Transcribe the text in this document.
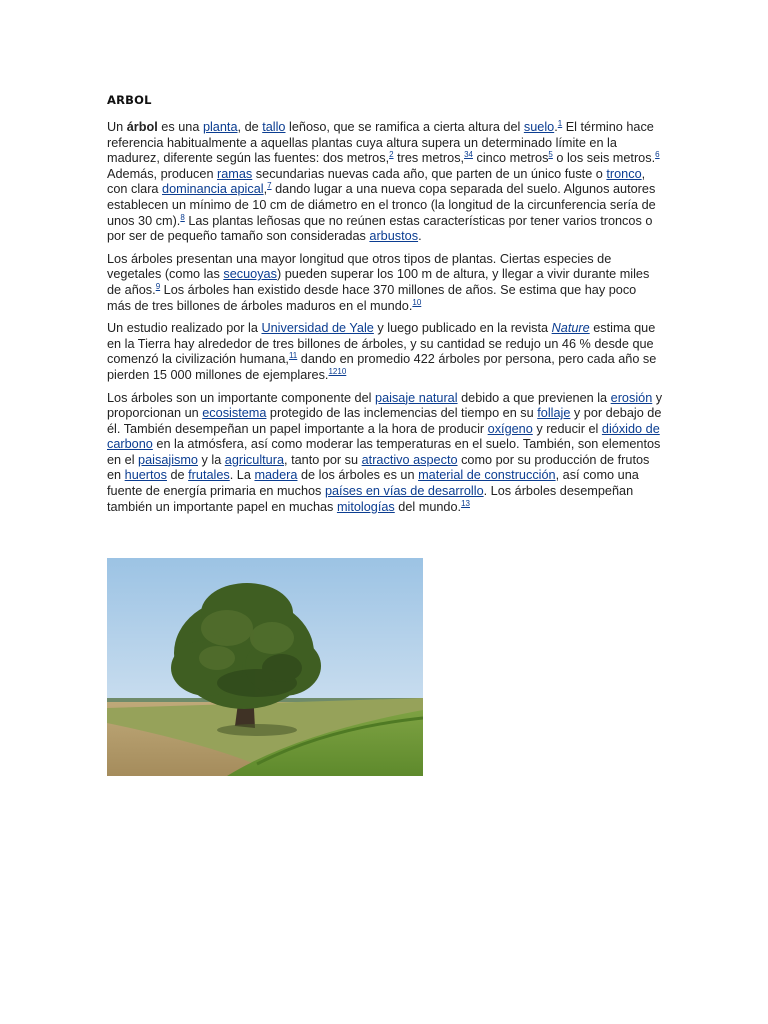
ARBOL

Un árbol es una planta, de tallo leñoso, que se ramifica a cierta altura del suelo.$^1$ El término hace referencia habitualmente a aquellas plantas cuya altura supera un determinado límite en la madurez, diferente según las fuentes: dos metros,$^2$ tres metros,$^{34}$ cinco metros$^5$ o los seis metros.$^6$ Además, producen ramas secundarias nuevas cada año, que parten de un único fuste o tronco, con clara dominancia apical,$^7$ dando lugar a una nueva copa separada del suelo. Algunos autores establecen un mínimo de 10 cm de diámetro en el tronco (la longitud de la circunferencia sería de unos 30 cm).$^8$ Las plantas leñosas que no reúnen estas características por tener varios troncos o por ser de pequeño tamaño son consideradas arbustos.

Los árboles presentan una mayor longitud que otros tipos de plantas. Ciertas especies de vegetales (como las secuoyas) pueden superar los 100 m de altura, y llegar a vivir durante miles de años.$^9$ Los árboles han existido desde hace 370 millones de años. Se estima que hay poco más de tres billones de árboles maduros en el mundo.$^{10}$

Un estudio realizado por la Universidad de Yale y luego publicado en la revista Nature estima que en la Tierra hay alrededor de tres billones de árboles, y su cantidad se redujo un 46 % desde que comenzó la civilización humana,$^{11}$ dando en promedio 422 árboles por persona, pero cada año se pierden 15 000 millones de ejemplares.$^{1210}$

Los árboles son un importante componente del paisaje natural debido a que previenen la erosión y proporcionan un ecosistema protegido de las inclemencias del tiempo en su follaje y por debajo de él. También desempeñan un papel importante a la hora de producir oxígeno y reducir el dióxido de carbono en la atmósfera, así como moderar las temperaturas en el suelo. También, son elementos en el paisajismo y la agricultura, tanto por su atractivo aspecto como por su producción de frutos en huertos de frutales. La madera de los árboles es un material de construcción, así como una fuente de energía primaria en muchos países en vías de desarrollo. Los árboles desempeñan también un importante papel en muchas mitologías del mundo.$^{13}$
